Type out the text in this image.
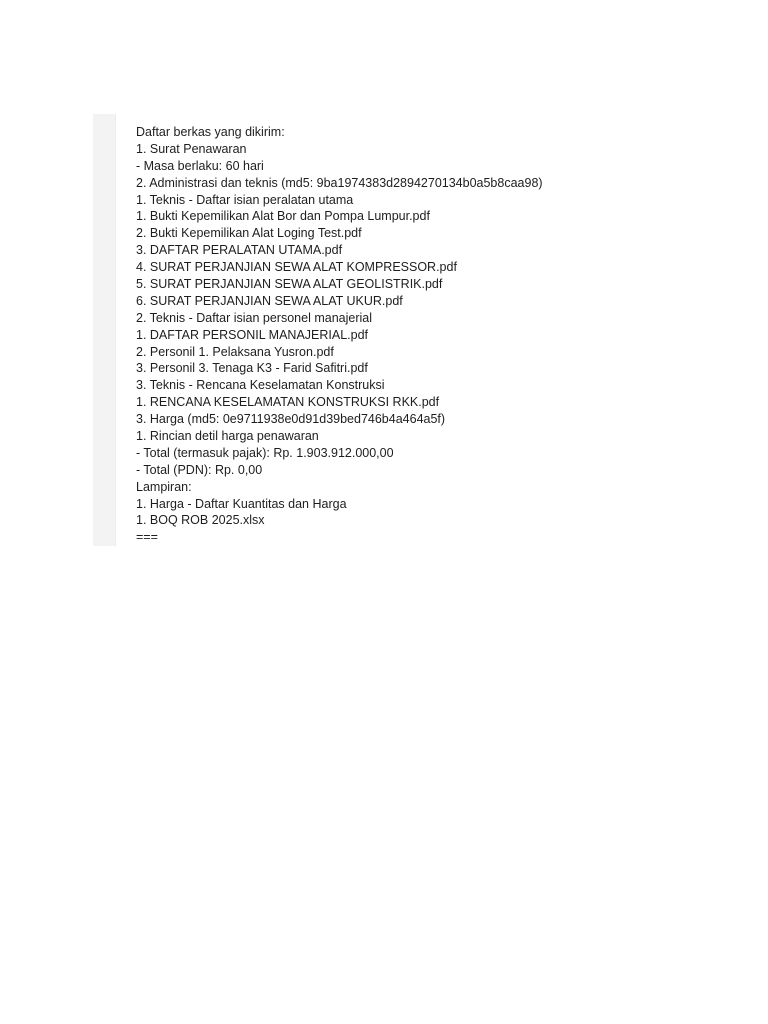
Daftar berkas yang dikirim:
1. Surat Penawaran
- Masa berlaku: 60 hari
2. Administrasi dan teknis (md5: 9ba1974383d2894270134b0a5b8caa98)
1. Teknis - Daftar isian peralatan utama
1. Bukti Kepemilikan Alat Bor dan Pompa Lumpur.pdf
2. Bukti Kepemilikan Alat Loging Test.pdf
3. DAFTAR PERALATAN UTAMA.pdf
4. SURAT PERJANJIAN SEWA ALAT KOMPRESSOR.pdf
5. SURAT PERJANJIAN SEWA ALAT GEOLISTRIK.pdf
6. SURAT PERJANJIAN SEWA ALAT UKUR.pdf
2. Teknis - Daftar isian personel manajerial
1. DAFTAR PERSONIL MANAJERIAL.pdf
2. Personil 1. Pelaksana Yusron.pdf
3. Personil 3. Tenaga K3 - Farid Safitri.pdf
3. Teknis - Rencana Keselamatan Konstruksi
1. RENCANA KESELAMATAN KONSTRUKSI RKK.pdf
3. Harga (md5: 0e9711938e0d91d39bed746b4a464a5f)
1. Rincian detil harga penawaran
- Total (termasuk pajak): Rp. 1.903.912.000,00
- Total (PDN): Rp. 0,00
Lampiran:
1. Harga - Daftar Kuantitas dan Harga
1. BOQ ROB 2025.xlsx
===
